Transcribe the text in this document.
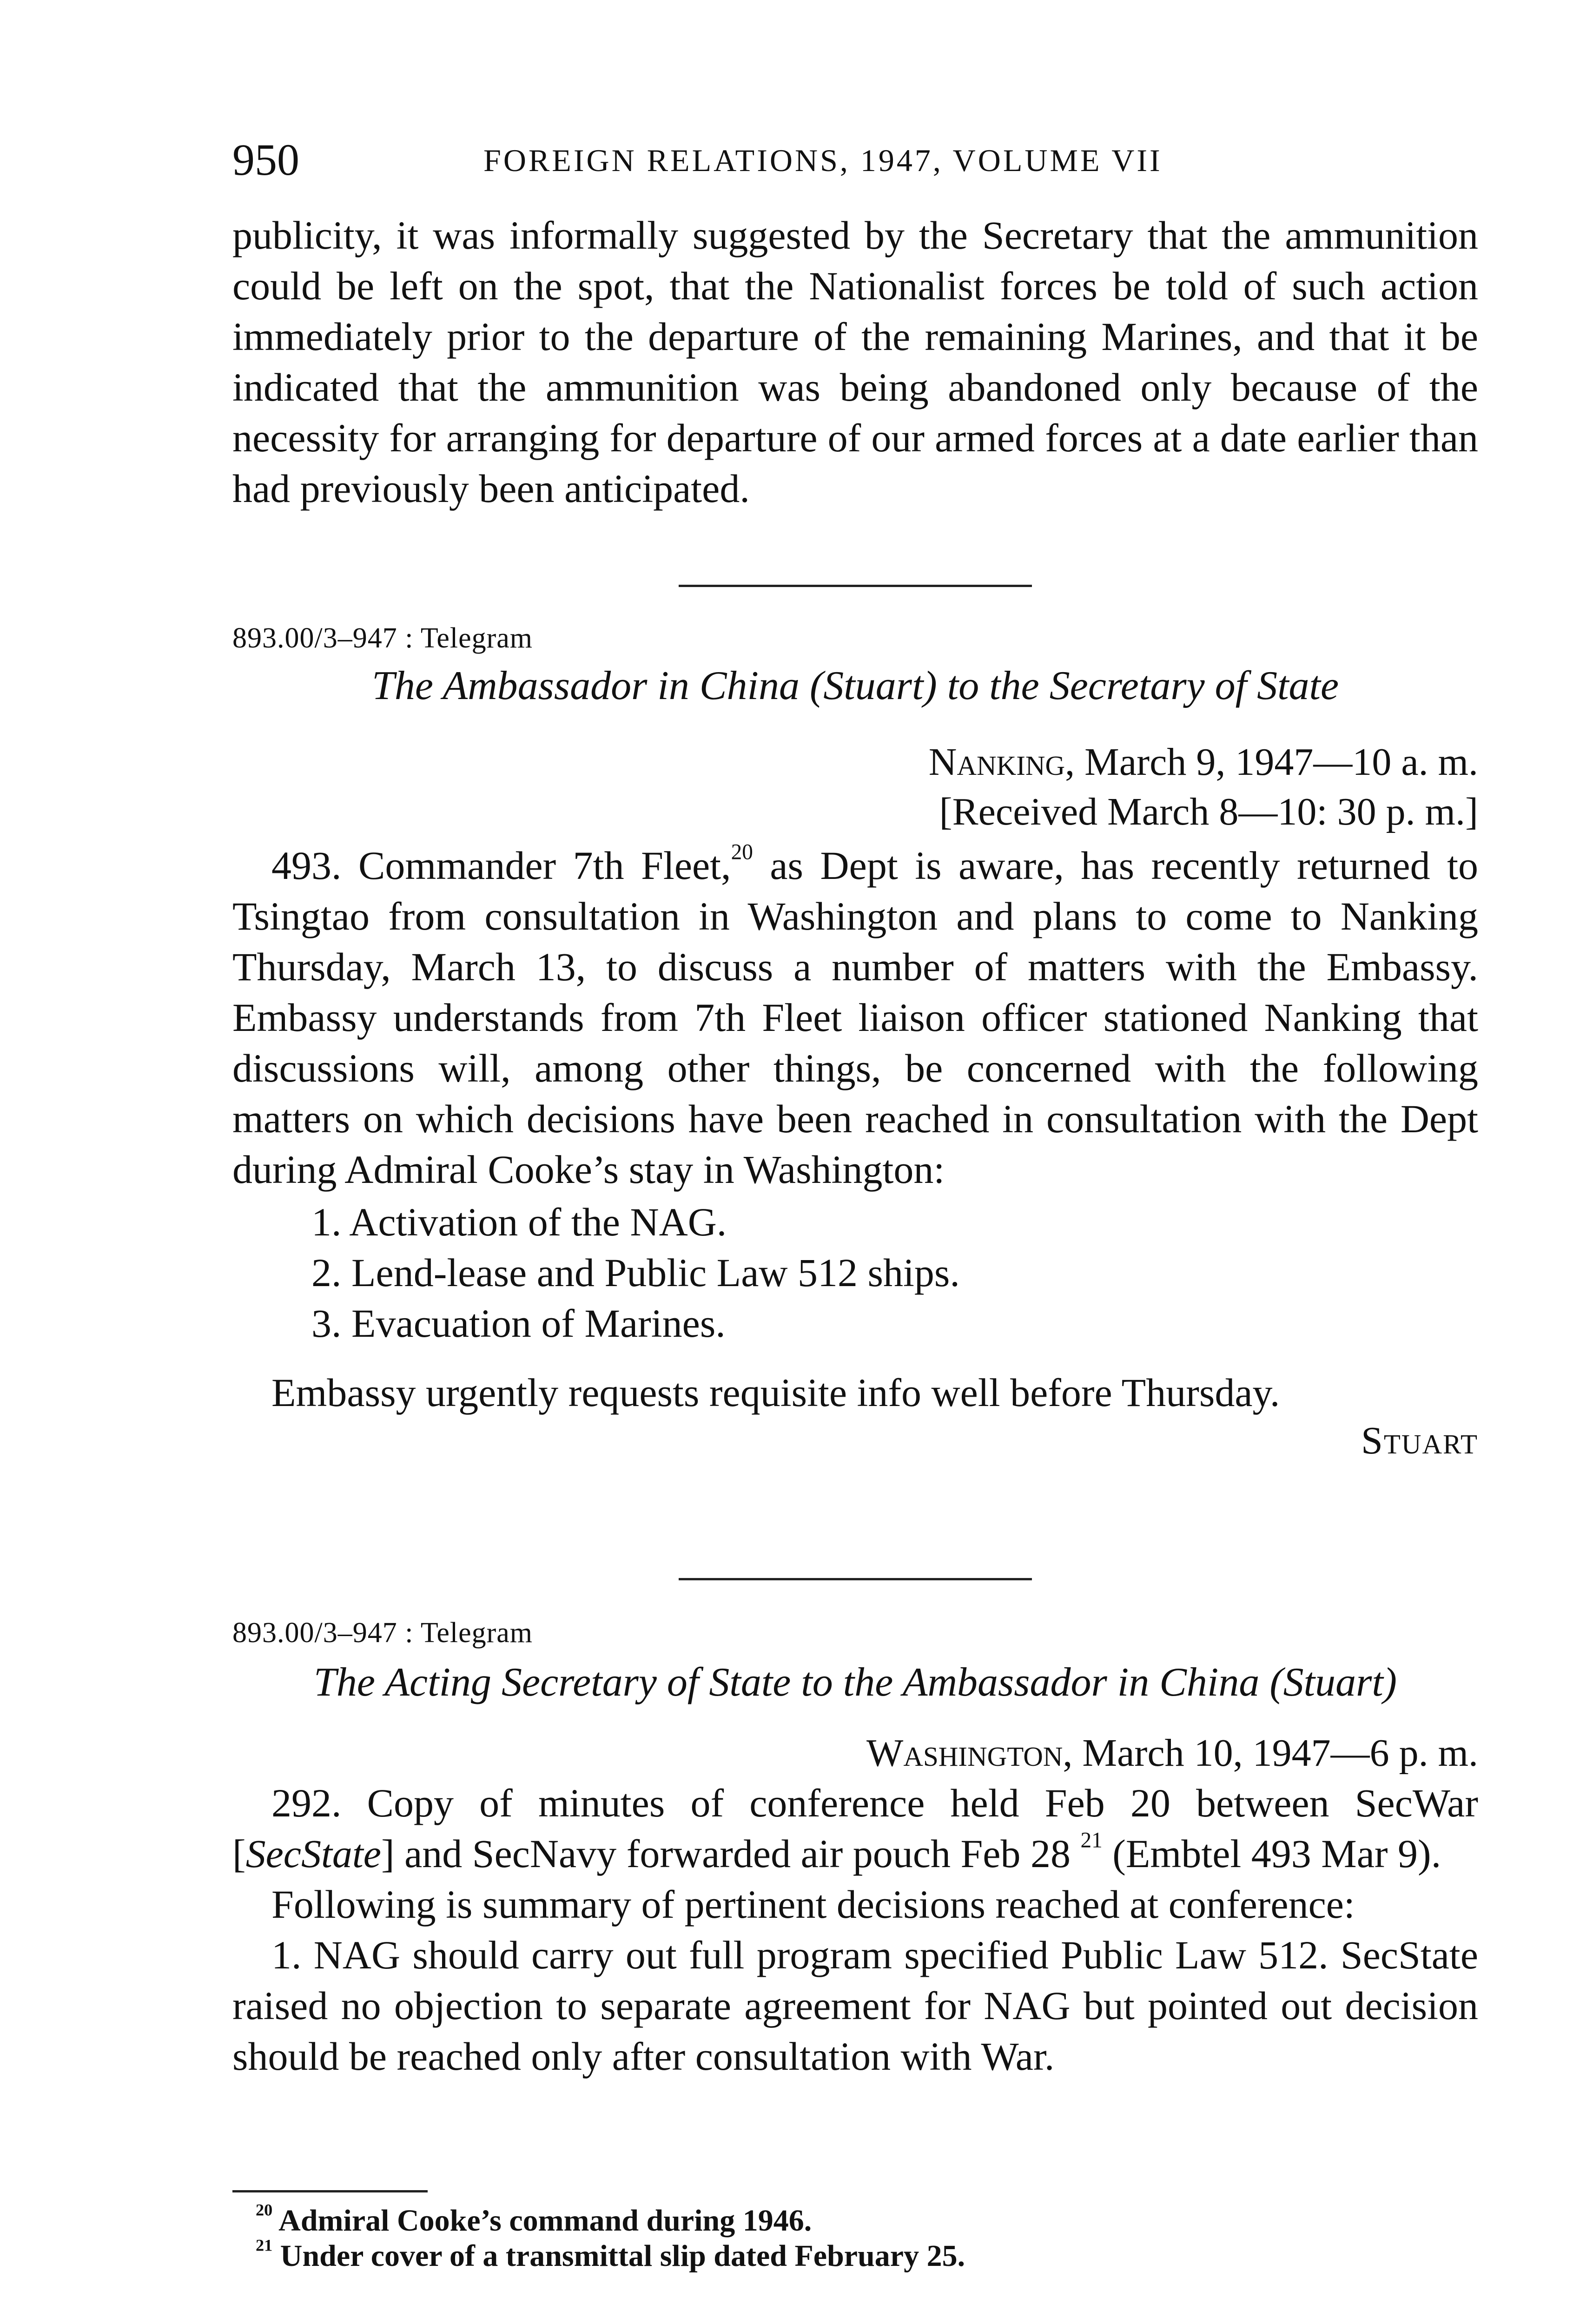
950	FOREIGN RELATIONS, 1947, VOLUME VII

publicity, it was informally suggested by the Secretary that the ammunition could be left on the spot, that the Nationalist forces be told of such action immediately prior to the departure of the remaining Marines, and that it be indicated that the ammunition was being abandoned only because of the necessity for arranging for departure of our armed forces at a date earlier than had previously been anticipated.

893.00/3–947 : Telegram
The Ambassador in China (Stuart) to the Secretary of State
Nanking, March 9, 1947—10 a. m.
[Received March 8—10: 30 p. m.]

493. Commander 7th Fleet,$^{20}$ as Dept is aware, has recently returned to Tsingtao from consultation in Washington and plans to come to Nanking Thursday, March 13, to discuss a number of matters with the Embassy. Embassy understands from 7th Fleet liaison officer stationed Nanking that discussions will, among other things, be concerned with the following matters on which decisions have been reached in consultation with the Dept during Admiral Cooke’s stay in Washington:

1. Activation of the NAG.
2. Lend-lease and Public Law 512 ships.
3. Evacuation of Marines.

Embassy urgently requests requisite info well before Thursday.

Stuart
893.00/3–947 : Telegram
The Acting Secretary of State to the Ambassador in China (Stuart)
Washington, March 10, 1947—6 p. m.

292. Copy of minutes of conference held Feb 20 between SecWar [SecState] and SecNavy forwarded air pouch Feb 28 $^{21}$ (Embtel 493 Mar 9).

Following is summary of pertinent decisions reached at conference:

1. NAG should carry out full program specified Public Law 512. SecState raised no objection to separate agreement for NAG but pointed out decision should be reached only after consultation with War.

$^{20}$ Admiral Cooke’s command during 1946.
$^{21}$ Under cover of a transmittal slip dated February 25.
